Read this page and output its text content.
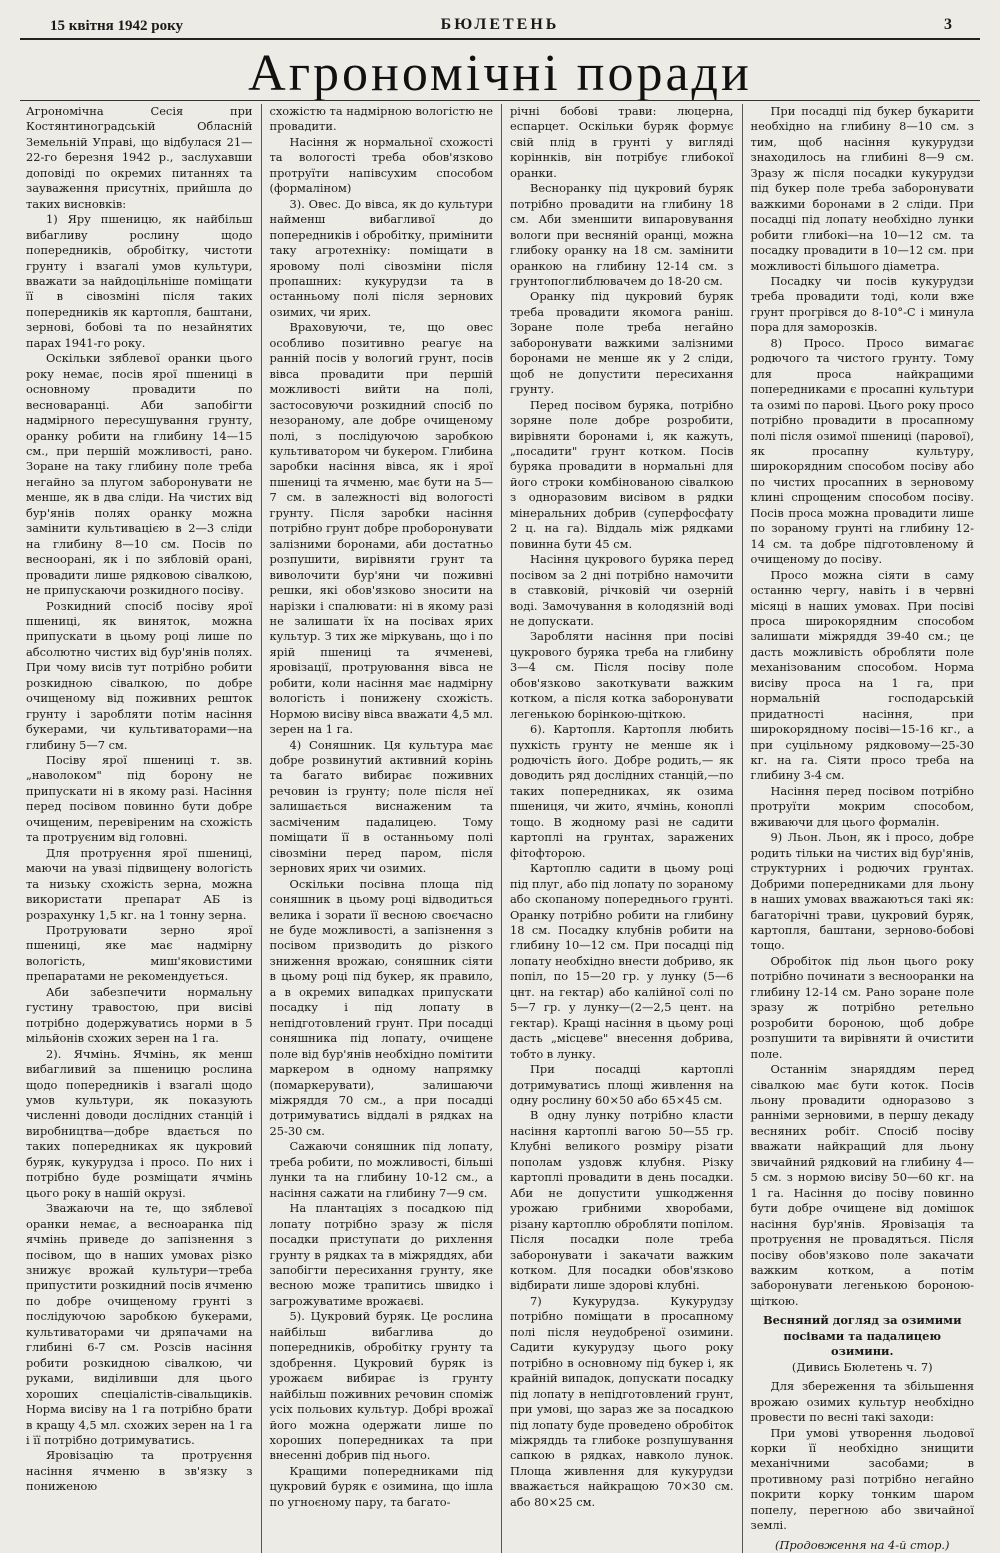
15 квітня 1942 року	БЮЛЕТЕНЬ	3
Агрономічні поради

Агрономічна Сесія при Костянтиноградській Обласній Земельній Управі, що відбулася 21—22-го березня 1942 р., заслухавши доповіді по окремих питаннях та зауваження присутніх, прийшла до таких висновків:

1) Яру пшеницю, як найбільш вибагливу рослину щодо попередників, обробітку, чистоти грунту і взагалі умов культури, вважати за найдоцільніше поміщати її в сівозміні після таких попередників як картопля, баштани, зернові, бобові та по незайнятих парах 1941-го року.

Оскільки зяблевої оранки цього року немає, посів ярої пшениці в основному провадити по весноваранці. Аби запобігти надмірного пересушування грунту, оранку робити на глибину 14—15 см., при першій можливості, рано. Зоране на таку глибину поле треба негайно за плугом заборонувати не менше, як в два сліди. На чистих від бур'янів полях оранку можна замінити культивацією в 2—3 сліди на глибину 8—10 см. Посів по весноорані, як і по зябловій орані, провадити лише рядковою сівалкою, не припускаючи розкидного посіву.

Розкидний спосіб посіву ярої пшениці, як виняток, можна припускати в цьому році лише по абсолютно чистих від бур'янів полях. При чому висів тут потрібно робити розкидною сівалкою, по добре очищеному від поживних решток грунту і заробляти потім насіння букерами, чи культиваторами—на глибину 5—7 см.

Посіву ярої пшениці т. зв. „наволоком" під борону не припускати ні в якому разі. Насіння перед посівом повинно бути добре очищеним, перевіреним на схожість та протруєним від головні.

Для протруєння ярої пшениці, маючи на увазі підвищену вологість та низьку схожість зерна, можна використати препарат АБ із розрахунку 1,5 кг. на 1 тонну зерна.

Протруювати зерно ярої пшениці, яке має надмірну вологість, миш'яковистими препаратами не рекомендується.

Аби забезпечити нормальну густину травостою, при висіві потрібно додержуватись норми в 5 мільйонів схожих зерен на 1 га.

2). Ячмінь. Ячмінь, як менш вибагливий за пшеницю рослина щодо попередників і взагалі щодо умов культури, як показують численні доводи дослідних станцій і виробництва—добре вдається по таких попередниках як цукровий буряк, кукурудза і просо. По них і потрібно буде розміщати ячмінь цього року в нашій окрузі.

Зважаючи на те, що зяблевої оранки немає, а весноаранка під ячмінь приведе до запізнення з посівом, що в наших умовах різко знижує врожай культури—треба припустити розкидний посів ячменю по добре очищеному грунті з послідуючою заробкою букерами, культиваторами чи дряпачами на глибині 6-7 см. Розсів насіння робити розкидною сівалкою, чи руками, виділивши для цього хороших спеціалістів-сівальщиків. Норма висіву на 1 га потрібно брати в кращу 4,5 мл. схожих зерен на 1 га і її потрібно дотримуватись.

Яровізацію та протруєння насіння ячменю в зв'язку з пониженою

схожістю та надмірною вологістю не провадити.

Насіння ж нормальної схожості та вологості треба обов'язково протруїти напівсухим способом (формаліном)

3). Овес. До вівса, як до культури найменш вибагливої до попередників і обробітку, примінити таку агротехніку: поміщати в яровому полі сівозміни після пропашних: кукурудзи та в останньому полі після зернових озимих, чи ярих.

Враховуючи, те, що овес особливо позитивно реагує на ранній посів у вологий грунт, посів вівса провадити при першій можливості вийти на полі, застосовуючи розкидний спосіб по незораному, але добре очищеному полі, з послідуючою заробкою культиватором чи букером. Глибина заробки насіння вівса, як і ярої пшениці та ячменю, має бути на 5—7 см. в залежності від вологості грунту. Після заробки насіння потрібно грунт добре проборонувати залізними боронами, аби достатньо розпушити, вирівняти грунт та виволочити бур'яни чи поживні решки, які обов'язково зносити на нарізки і спалювати: ні в якому разі не залишати їх на посівах ярих культур. З тих же міркувань, що і по ярій пшениці та ячменеві, яровізації, протруювання вівса не робити, коли насіння має надмірну вологість і понижену схожість. Нормою висіву вівса вважати 4,5 мл. зерен на 1 га.

4) Соняшник. Ця культура має добре розвинутий активний корінь та багато вибирає поживних речовин із грунту; поле після неї залишається виснаженим та засміченим падалицею. Тому поміщати її в останньому полі сівозміни перед паром, після зернових ярих чи озимих.

Оскільки посівна площа під соняшник в цьому році відводиться велика і зорати її весною своєчасно не буде можливості, а запізнення з посівом призводить до різкого зниження врожаю, соняшник сіяти в цьому році під букер, як правило, а в окремих випадках припускати посадку і під лопату в непідготовлений грунт. При посадці соняшника під лопату, очищене поле від бур'янів необхідно помітити маркером в одному напрямку (помаркерувати), залишаючи міжряддя 70 см., а при посадці дотримуватись віддалі в рядках на 25-30 см.

Сажаючи соняшник під лопату, треба робити, по можливості, більші лунки та на глибину 10-12 см., а насіння сажати на глибину 7—9 см.

На плантаціях з посадкою під лопату потрібно зразу ж після посадки приступати до рихлення грунту в рядках та в міжряддях, аби запобігти пересихання грунту, яке весною може трапитись швидко і загрожуватиме врожаєві.

5). Цукровий буряк. Це рослина найбільш вибаглива до попередників, обробітку грунту та здобрення. Цукровий буряк із урожаєм вибирає із грунту найбільш поживних речовин споміж усіх польових культур. Добрі врожаї його можна одержати лише по хороших попередниках та при внесенні добрив під нього.

Кращими попередниками під цукровий буряк є озимина, що ішла по угноєному пару, та багато-

річні бобові трави: люцерна, еспарцет. Оскільки буряк формує свій плід в грунті у вигляді коріннків, він потрібує глибокої оранки.

Весноранку під цукровий буряк потрібно провадити на глибину 18 см. Аби зменшити випаровування вологи при весняній оранці, можна глибоку оранку на 18 см. замінити оранкою на глибину 12-14 см. з грунтопоглиблювачем до 18-20 см.

Оранку під цукровий буряк треба провадити якомога раніш. Зоране поле треба негайно заборонувати важкими залізними боронами не менше як у 2 сліди, щоб не допустити пересихання грунту.

Перед посівом буряка, потрібно зоряне поле добре розробити, вирівняти боронами і, як кажуть, „посадити" грунт котком. Посів буряка провадити в нормальні для його строки комбінованою сівалкою з одноразовим висівом в рядки мінеральних добрив (суперфосфату 2 ц. на га). Віддаль між рядками повинна бути 45 см.

Насіння цукрового буряка перед посівом за 2 дні потрібно намочити в ставковій, річковій чи озерній воді. Замочування в колодязній воді не допускати.

Заробляти насіння при посіві цукрового буряка треба на глибину 3—4 см. Після посіву поле обов'язково закоткувати важким котком, а після котка заборонувати легенькою борінкою-щіткою.

6). Картопля. Картопля любить пухкість грунту не менше як і родючість його. Добре родить,— як доводить ряд дослідних станцій,—по таких попередниках, як озима пшениця, чи жито, ячмінь, коноплі тощо. В жодному разі не садити картоплі на грунтах, заражених фітофторою.

Картоплю садити в цьому році під плуг, або під лопату по зораному або скопаному попереднього грунті. Оранку потрібно робити на глибину 18 см. Посадку клубнів робити на глибину 10—12 см. При посадці під лопату необхідно внести добриво, як попіл, по 15—20 гр. у лунку (5—6 цнт. на гектар) або калійної солі по 5—7 гр. у лунку—(2—2,5 цент. на гектар). Кращі насіння в цьому році дасть „місцеве" внесення добрива, тобто в лунку.

При посадці картоплі дотримуватись площі живлення на одну рослину 60×50 або 65×45 см.

В одну лунку потрібно класти насіння картоплі вагою 50—55 гр. Клубні великого розміру різати пополам уздовж клубня. Різку картоплі провадити в день посадки. Аби не допустити ушкодження урожаю грибними хворобами, різану картоплю обробляти попілом. Після посадки поле треба заборонувати і закачати важким котком. Для посадки обов'язково відбирати лише здорові клубні.

7) Кукурудза. Кукурудзу потрібно поміщати в просапному полі після неудобреної озимини. Садити кукурудзу цього року потрібно в основному під букер і, як крайній випадок, допускати посадку під лопату в непідготовлений грунт, при умові, що зараз же за посадкою під лопату буде проведено обробіток міжряддь та глибоке розпушування сапкою в рядках, навколо лунок. Площа живлення для кукурудзи вважається найкращою 70×30 см. або 80×25 см.

При посадці під букер букарити необхідно на глибину 8—10 см. з тим, щоб насіння кукурудзи знаходилось на глибині 8—9 см. Зразу ж після посадки кукурудзи під букер поле треба заборонувати важкими боронами в 2 сліди. При посадці під лопату необхідно лунки робити глибокі—на 10—12 см. та посадку провадити в 10—12 см. при можливості більшого діаметра.

Посадку чи посів кукурудзи треба провадити тоді, коли вже грунт прогрівся до 8-10°-С і минула пора для заморозків.

8) Просо. Просо вимагає родючого та чистого грунту. Тому для проса найкращими попередниками є просапні культури та озимі по парові. Цього року просо потрібно провадити в просапному полі після озимої пшениці (парової), як просапну культуру, широкорядним способом посіву або по чистих просапних в зерновому клині спрощеним способом посіву. Посів проса можна провадити лише по зораному грунті на глибину 12-14 см. та добре підготовленому й очищеному до посіву.

Просо можна сіяти в саму останню чергу, навіть і в червні місяці в наших умовах. При посіві проса широкорядним способом залишати міжряддя 39-40 см.; це дасть можливість обробляти поле механізованим способом. Норма висіву проса на 1 га, при нормальній господарській придатності насіння, при широкорядному посіві—15-16 кг., а при суцільному рядковому—25-30 кг. на га. Сіяти просо треба на глибину 3-4 см.

Насіння перед посівом потрібно протруїти мокрим способом, вживаючи для цього формалін.

9) Льон. Льон, як і просо, добре родить тільки на чистих від бур'янів, структурних і родючих грунтах. Добрими попередниками для льону в наших умовах вважаються такі як: багаторічні трави, цукровий буряк, картопля, баштани, зерново-бобові тощо.

Обробіток під льон цього року потрібно починати з весноoранки на глибину 12-14 см. Рано зоране поле зразу ж потрібно ретельно розробити бороною, щоб добре розпушити та вирівняти й очистити поле.

Останнім знаряддям перед сівалкою має бути коток. Посів льону провадити одноразово з ранніми зерновими, в першу декаду весняних робіт. Спосіб посіву вважати найкращий для льону звичайний рядковий на глибину 4—5 см. з нормою висіву 50—60 кг. на 1 га. Насіння до посіву повинно бути добре очищене від домішок насіння бур'янів. Яровізація та протруєння не провадяться. Після посіву обов'язково поле закачати важким котком, а потім заборонувати легенькою бороною-щіткою.

Весняний догляд за озимими посівами та падалицею озимини.

(Дивись Бюлетень ч. 7)

Для збереження та збільшення врожаю озимих культур необхідно провести по весні такі заходи:

При умові утворення льодової корки її необхідно знищити механічними засобами; в противному разі потрібно негайно покрити корку тонким шаром попелу, перегною або звичайної землі.

(Продовження на 4-й стор.)
